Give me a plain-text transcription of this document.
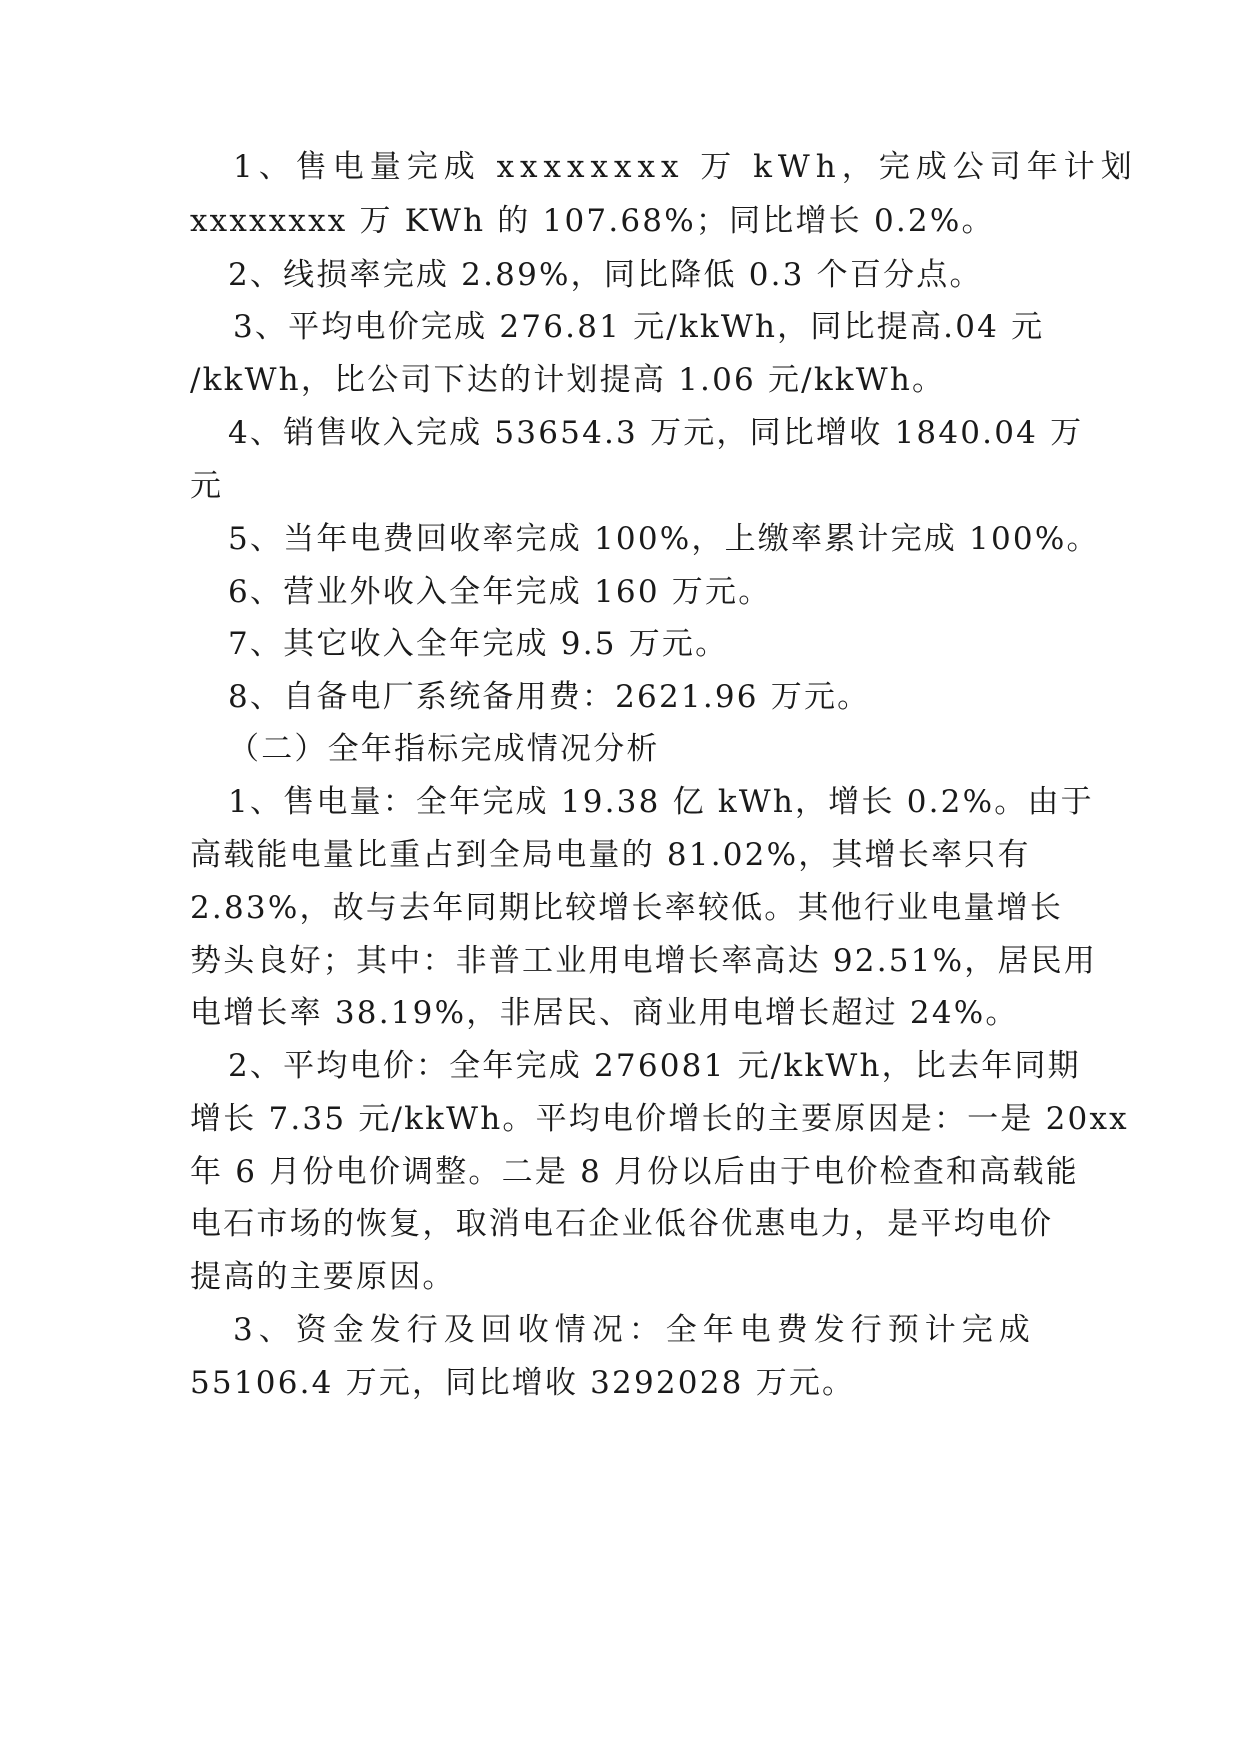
1、售电量完成 xxxxxxxx 万 kWh，完成公司年计划
xxxxxxxx 万 KWh 的 107.68%；同比增长 0.2%。
2、线损率完成 2.89%，同比降低 0.3 个百分点。
3、平均电价完成 276.81 元/kkWh，同比提高.04 元
/kkWh，比公司下达的计划提高 1.06 元/kkWh。
4、销售收入完成 53654.3 万元，同比增收 1840.04 万
元
5、当年电费回收率完成 100%，上缴率累计完成 100%。
6、营业外收入全年完成 160 万元。
7、其它收入全年完成 9.5 万元。
8、自备电厂系统备用费：2621.96 万元。
（二）全年指标完成情况分析
1、售电量：全年完成 19.38 亿 kWh，增长 0.2%。由于
高载能电量比重占到全局电量的 81.02%，其增长率只有
2.83%，故与去年同期比较增长率较低。其他行业电量增长
势头良好；其中：非普工业用电增长率高达 92.51%，居民用
电增长率 38.19%，非居民、商业用电增长超过 24%。
2、平均电价：全年完成 276081 元/kkWh，比去年同期
增长 7.35 元/kkWh。平均电价增长的主要原因是：一是 20xx
年 6 月份电价调整。二是 8 月份以后由于电价检查和高载能
电石市场的恢复，取消电石企业低谷优惠电力，是平均电价
提高的主要原因。
3、资金发行及回收情况：全年电费发行预计完成
55106.4 万元，同比增收 3292028 万元。
